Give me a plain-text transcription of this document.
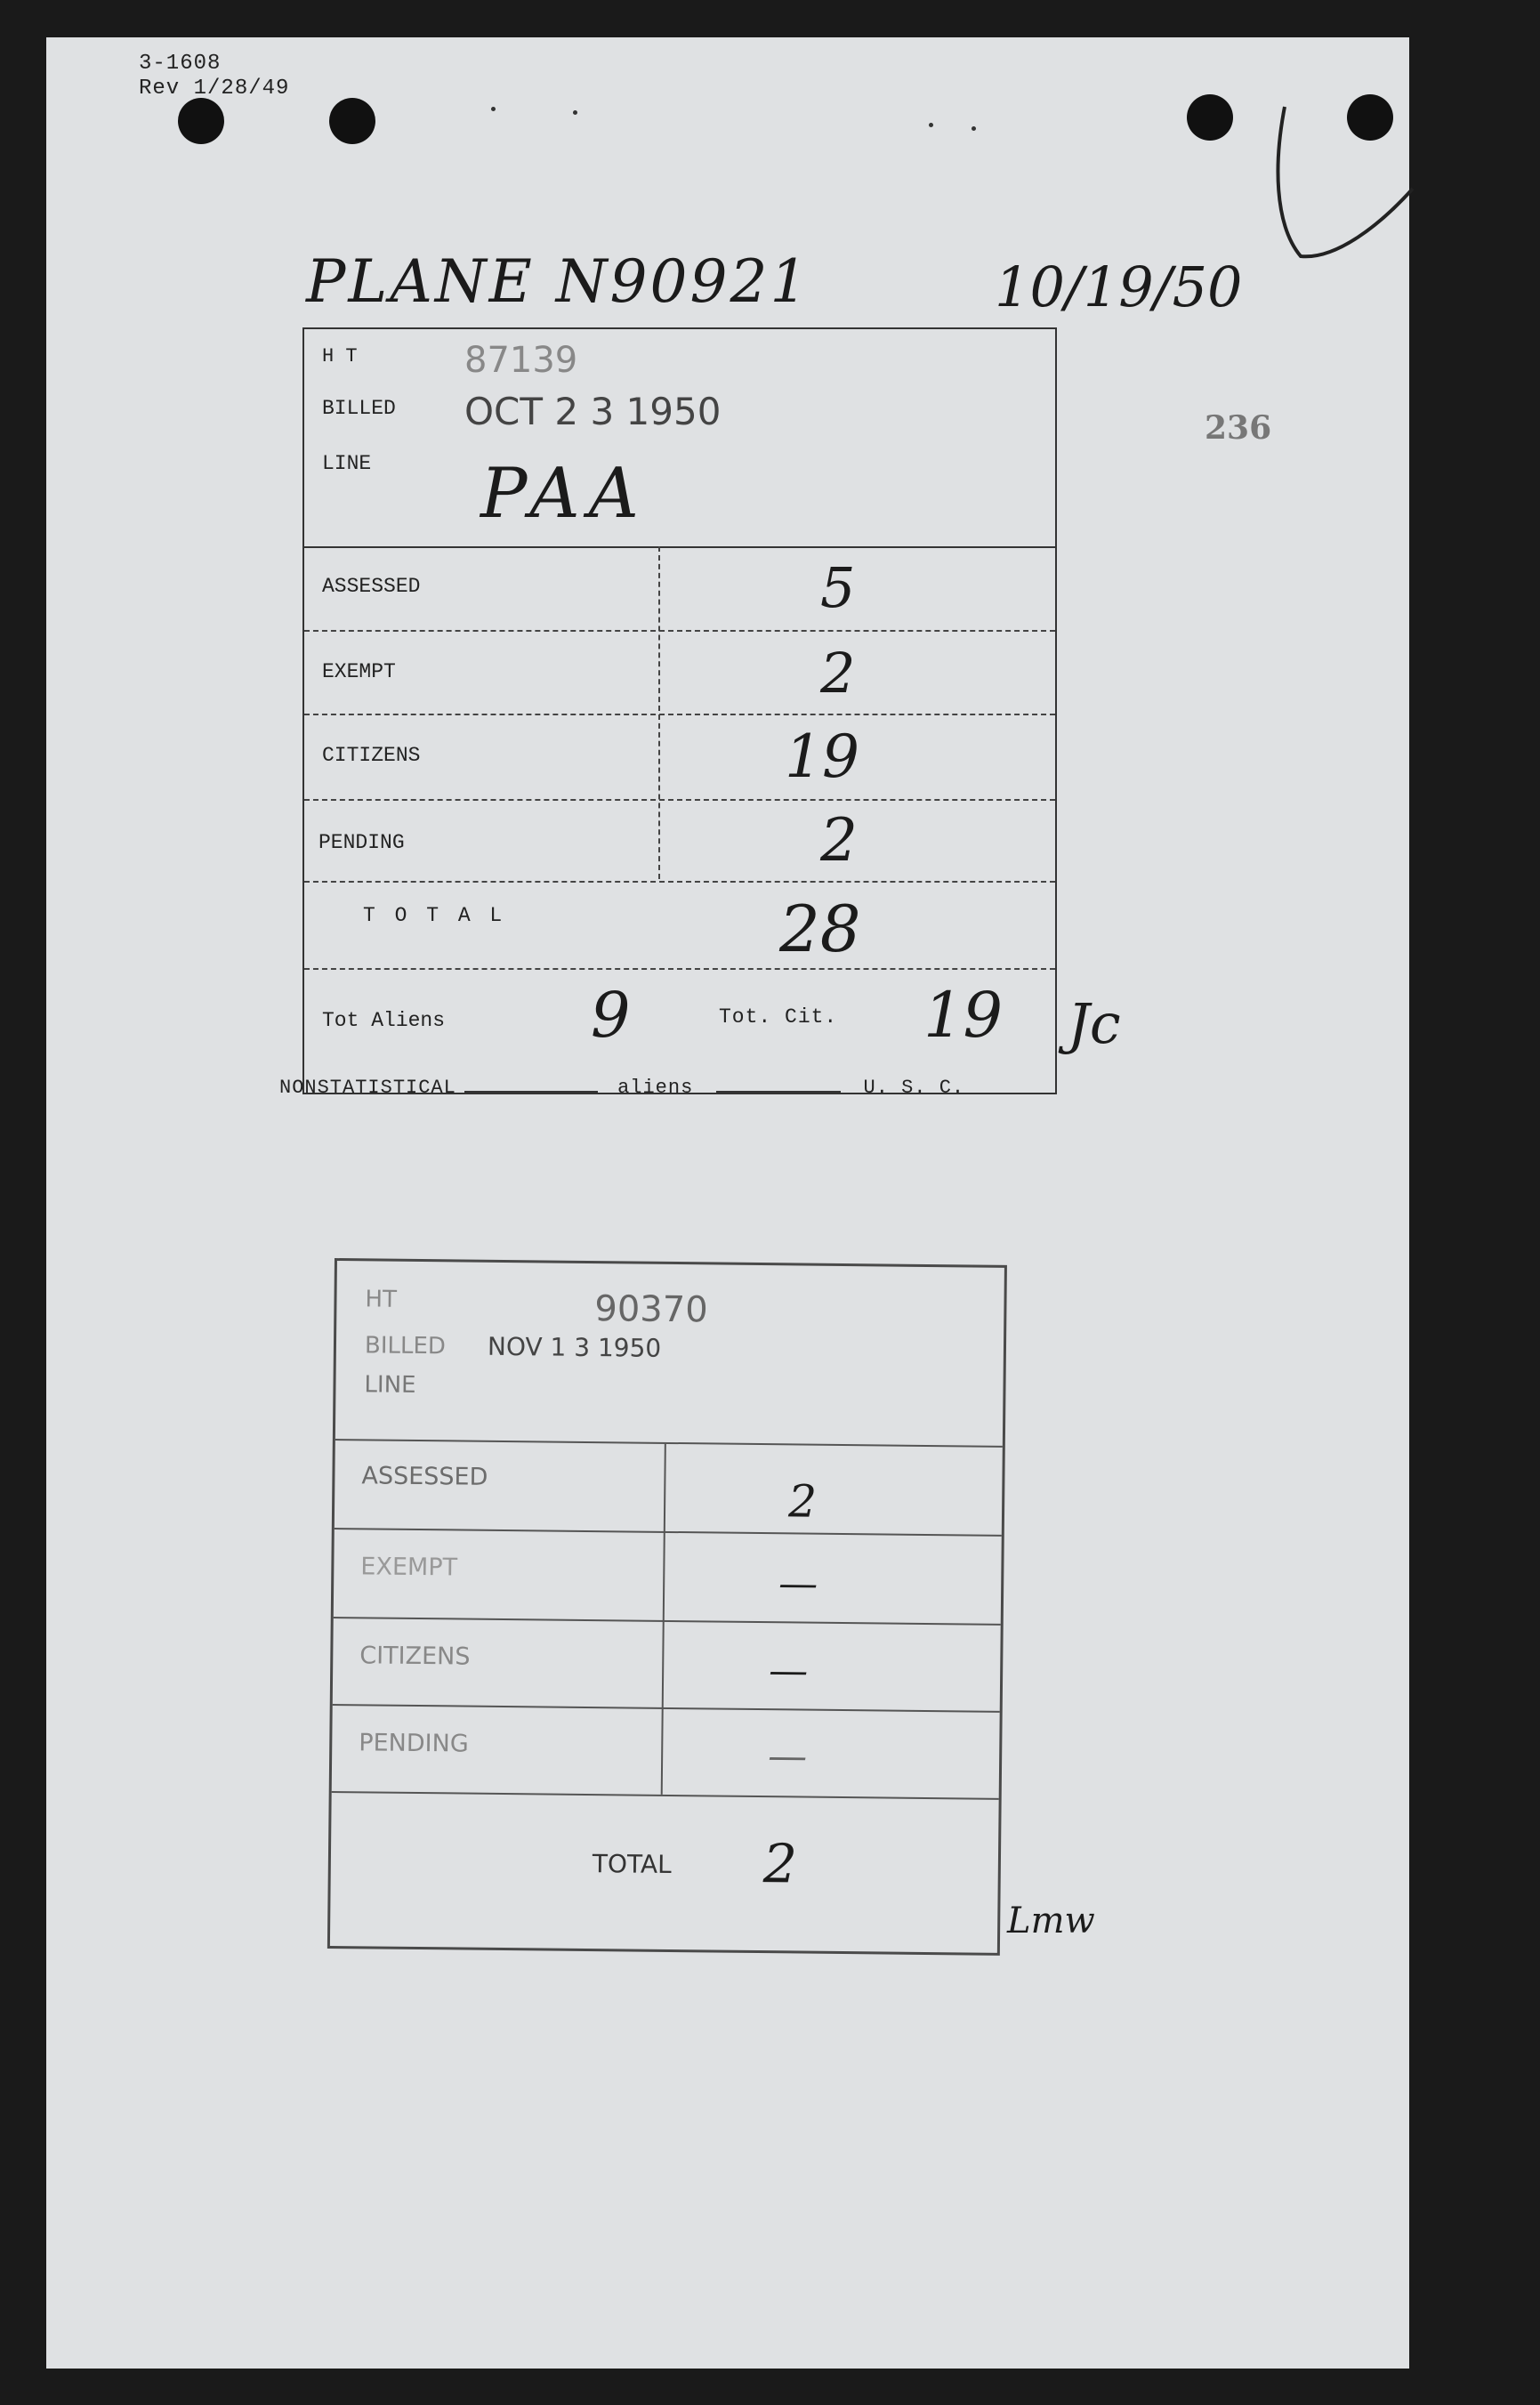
3-1608
Rev 1/28/49
PLANE N90921	10/19/50
236
H T	87139
BILLED OCT 2 3 1950
LINE PAA
ASSESSED	5
EXEMPT	2
CITIZENS	19
PENDING	2
T O T A L	28
Tot Aliens 9	Tot. Cit. 19 Jc
NONSTATISTICAL	aliens	U. S. C.
HT	90370
BILLED NOV 1 3 1950
LINE
ASSESSED	2
EXEMPT	—
CITIZENS	—
PENDING	—
TOTAL 2
Lmw
